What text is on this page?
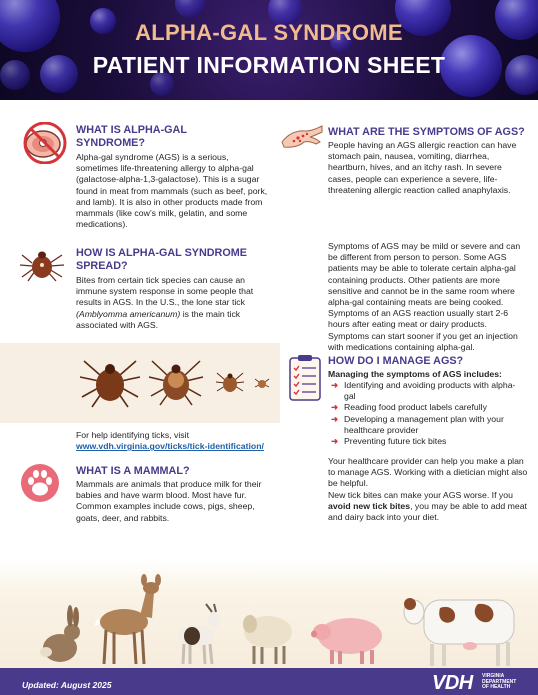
ALPHA-GAL SYNDROME
PATIENT INFORMATION SHEET
WHAT IS ALPHA-GAL SYNDROME?
Alpha-gal syndrome (AGS) is a serious, sometimes life-threatening allergy to alpha-gal (galactose-alpha-1,3-galactose). This is a sugar found in meat from mammals (such as beef, pork, and lamb). It is also in other products made from mammals (like cow’s milk, gelatin, and some medications).
HOW IS ALPHA-GAL SYNDROME SPREAD?
Bites from certain tick species can cause an immune system response in some people that results in AGS. In the U.S., the lone star tick (Amblyomma americanum) is the main tick associated with AGS.
For help identifying ticks, visit www.vdh.virginia.gov/ticks/tick-identification/
WHAT IS A MAMMAL?
Mammals are animals that produce milk for their babies and have warm blood. Most have fur. Common examples include cows, pigs, sheep, goats, deer, and rabbits.
WHAT ARE THE SYMPTOMS OF AGS?
People having an AGS allergic reaction can have stomach pain, nausea, vomiting, diarrhea, heartburn, hives, and an itchy rash. In severe cases, people can experience a severe, life-threatening allergic reaction called anaphylaxis.
Symptoms of AGS may be mild or severe and can be different from person to person. Some AGS patients may be able to tolerate certain alpha-gal containing products. Other patients are more sensitive and cannot be in the same room where alpha-gal containing meats are being cooked. Symptoms of an AGS reaction usually start 2-6 hours after eating meat or dairy products. Symptoms can start sooner if you get an injection with medications containing alpha-gal.
HOW DO I MANAGE AGS?
Managing the symptoms of AGS includes:
➜ Identifying and avoiding products with alpha-gal
➜ Reading food product labels carefully
➜ Developing a management plan with your healthcare provider
➜ Preventing future tick bites
Your healthcare provider can help you make a plan to manage AGS. Working with a dietician might also be helpful.
New tick bites can make your AGS worse. If you avoid new tick bites, you may be able to add meat and dairy back into your diet.
Updated: August 2025	VDH VIRGINIA
DEPARTMENT
OF HEALTH
